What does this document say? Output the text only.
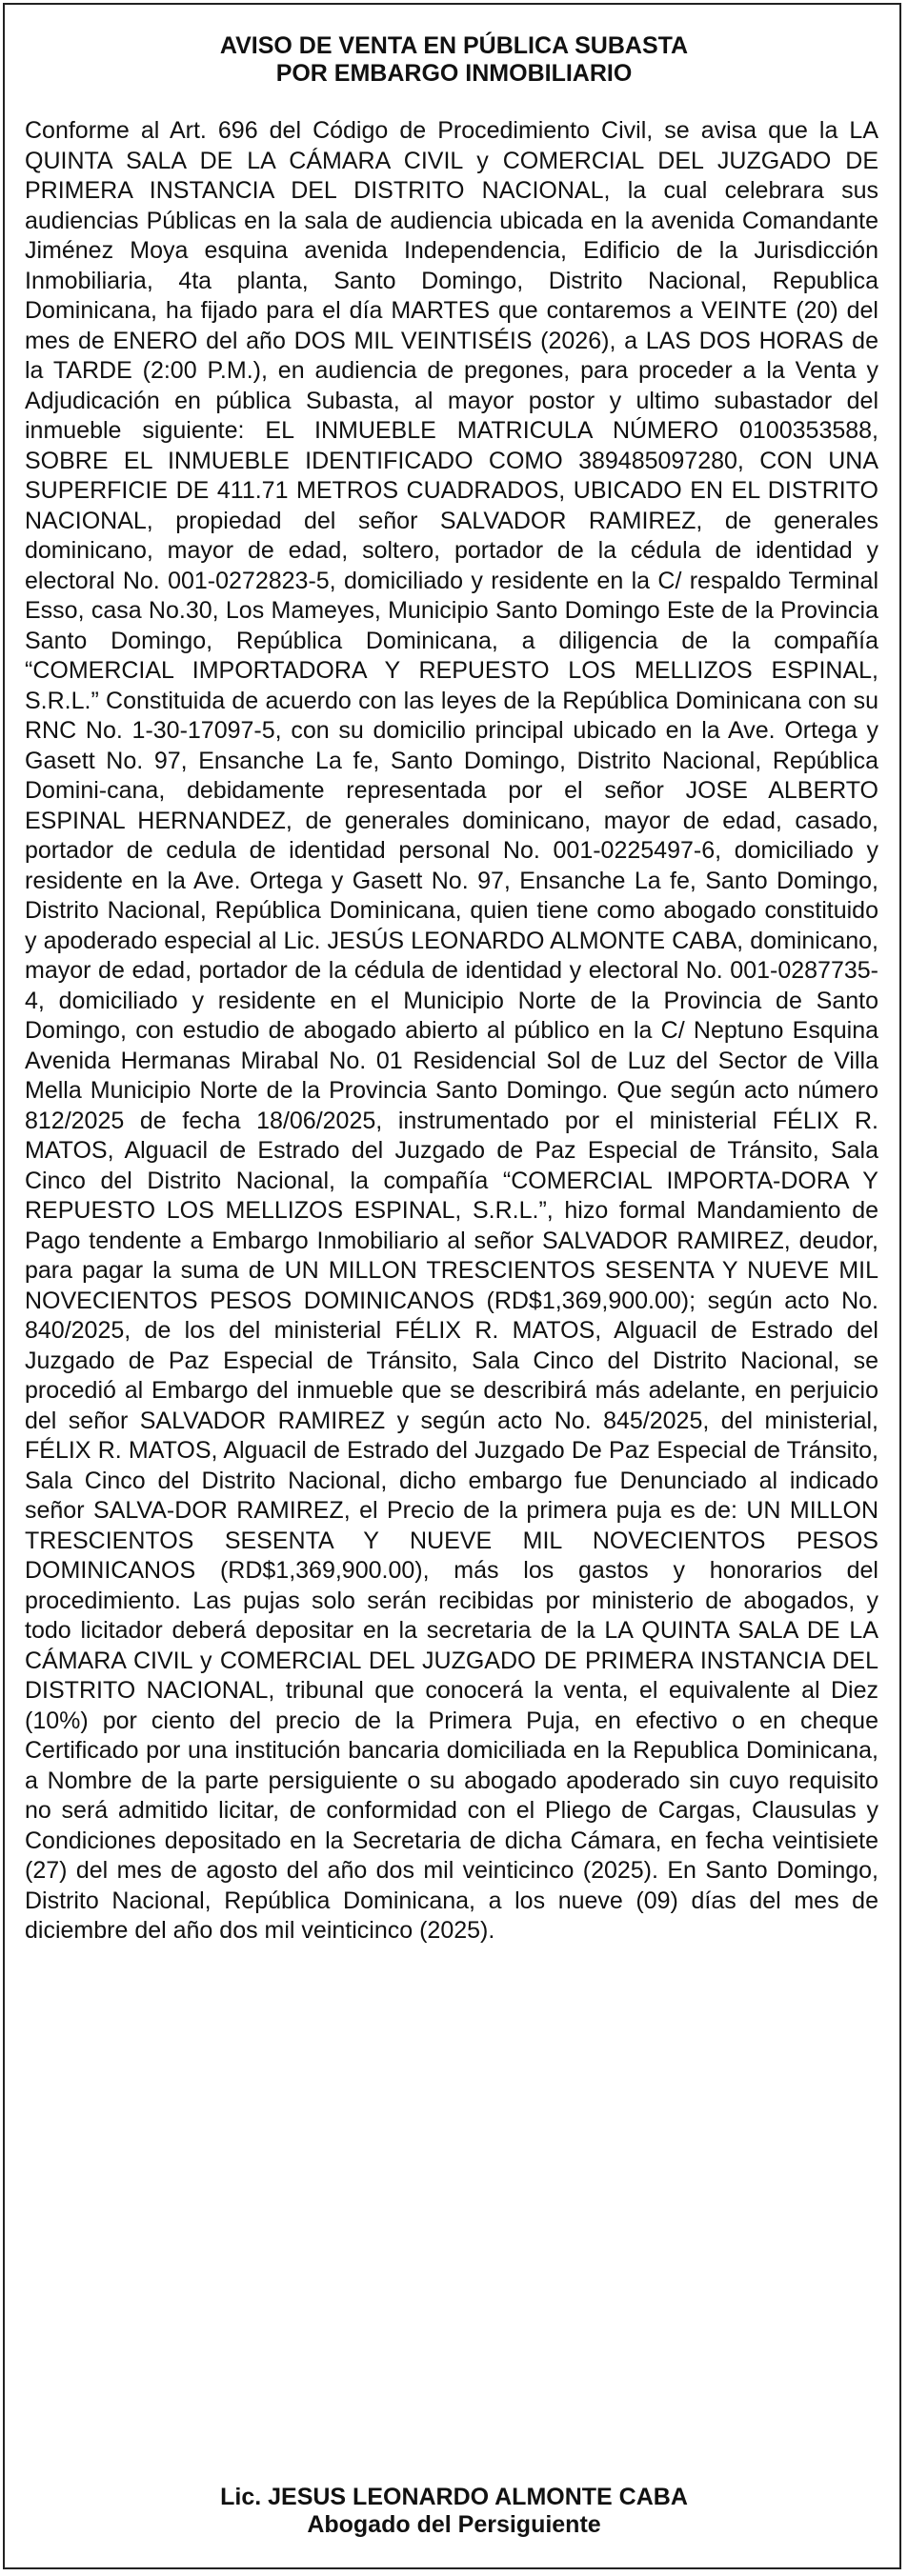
AVISO DE VENTA EN PÚBLICA SUBASTA
POR EMBARGO INMOBILIARIO

Conforme al Art. 696 del Código de Procedimiento Civil, se avisa que la LA QUINTA SALA DE LA CÁMARA CIVIL y COMERCIAL DEL JUZGADO DE PRIMERA INSTANCIA DEL DISTRITO NACIONAL, la cual celebrara sus audiencias Públicas en la sala de audiencia ubicada en la avenida Comandante Jiménez Moya esquina avenida Independencia, Edificio de la Jurisdicción Inmobiliaria, 4ta planta, Santo Domingo, Distrito Nacional, Republica Dominicana, ha fijado para el día MARTES que contaremos a VEINTE (20) del mes de ENERO del año DOS MIL VEINTISÉIS (2026), a LAS DOS HORAS de la TARDE (2:00 P.M.), en audiencia de pregones, para proceder a la Venta y Adjudicación en pública Subasta, al mayor postor y ultimo subastador del inmueble siguiente: EL INMUEBLE MATRICULA NÚMERO 0100353588, SOBRE EL INMUEBLE IDENTIFICADO COMO 389485097280, CON UNA SUPERFICIE DE 411.71 METROS CUADRADOS, UBICADO EN EL DISTRITO NACIONAL, propiedad del señor SALVADOR RAMIREZ, de generales dominicano, mayor de edad, soltero, portador de la cédula de identidad y electoral No. 001-0272823-5, domiciliado y residente en la C/ respaldo Terminal Esso, casa No.30, Los Mameyes, Municipio Santo Domingo Este de la Provincia Santo Domingo, República Dominicana, a diligencia de la compañía “COMERCIAL IMPORTADORA Y REPUESTO LOS MELLIZOS ESPINAL, S.R.L.” Constituida de acuerdo con las leyes de la República Dominicana con su RNC No. 1-30-17097-5, con su domicilio principal ubicado en la Ave. Ortega y Gasett No. 97, Ensanche La fe, Santo Domingo, Distrito Nacional, República Domini-cana, debidamente representada por el señor JOSE ALBERTO ESPINAL HERNANDEZ, de generales dominicano, mayor de edad, casado, portador de cedula de identidad personal No. 001-0225497-6, domiciliado y residente en la Ave. Ortega y Gasett No. 97, Ensanche La fe, Santo Domingo, Distrito Nacional, República Dominicana, quien tiene como abogado constituido y apoderado especial al Lic. JESÚS LEONARDO ALMONTE CABA, dominicano, mayor de edad, portador de la cédula de identidad y electoral No. 001-0287735-4, domiciliado y residente en el Municipio Norte de la Provincia de Santo Domingo, con estudio de abogado abierto al público en la C/ Neptuno Esquina Avenida Hermanas Mirabal No. 01 Residencial Sol de Luz del Sector de Villa Mella Municipio Norte de la Provincia Santo Domingo. Que según acto número 812/2025 de fecha 18/06/2025, instrumentado por el ministerial FÉLIX R. MATOS, Alguacil de Estrado del Juzgado de Paz Especial de Tránsito, Sala Cinco del Distrito Nacional, la compañía “COMERCIAL IMPORTA-DORA Y REPUESTO LOS MELLIZOS ESPINAL, S.R.L.”, hizo formal Mandamiento de Pago tendente a Embargo Inmobiliario al señor SALVADOR RAMIREZ, deudor, para pagar la suma de UN MILLON TRESCIENTOS SESENTA Y NUEVE MIL NOVECIENTOS PESOS DOMINICANOS (RD$1,369,900.00); según acto No. 840/2025, de los del ministerial FÉLIX R. MATOS, Alguacil de Estrado del Juzgado de Paz Especial de Tránsito, Sala Cinco del Distrito Nacional, se procedió al Embargo del inmueble que se describirá más adelante, en perjuicio del señor SALVADOR RAMIREZ y según acto No. 845/2025, del ministerial, FÉLIX R. MATOS, Alguacil de Estrado del Juzgado De Paz Especial de Tránsito, Sala Cinco del Distrito Nacional, dicho embargo fue Denunciado al indicado señor SALVA-DOR RAMIREZ, el Precio de la primera puja es de: UN MILLON TRESCIENTOS SESENTA Y NUEVE MIL NOVECIENTOS PESOS DOMINICANOS (RD$1,369,900.00), más los gastos y honorarios del procedimiento. Las pujas solo serán recibidas por ministerio de abogados, y todo licitador deberá depositar en la secretaria de la LA QUINTA SALA DE LA CÁMARA CIVIL y COMERCIAL DEL JUZGADO DE PRIMERA INSTANCIA DEL DISTRITO NACIONAL, tribunal que conocerá la venta, el equivalente al Diez (10%) por ciento del precio de la Primera Puja, en efectivo o en cheque Certificado por una institución bancaria domiciliada en la Republica Dominicana, a Nombre de la parte persiguiente o su abogado apoderado sin cuyo requisito no será admitido licitar, de conformidad con el Pliego de Cargas, Clausulas y Condiciones depositado en la Secretaria de dicha Cámara, en fecha veintisiete (27) del mes de agosto del año dos mil veinticinco (2025). En Santo Domingo, Distrito Nacional, República Dominicana, a los nueve (09) días del mes de diciembre del año dos mil veinticinco (2025).

Lic. JESUS LEONARDO ALMONTE CABA
Abogado del Persiguiente
